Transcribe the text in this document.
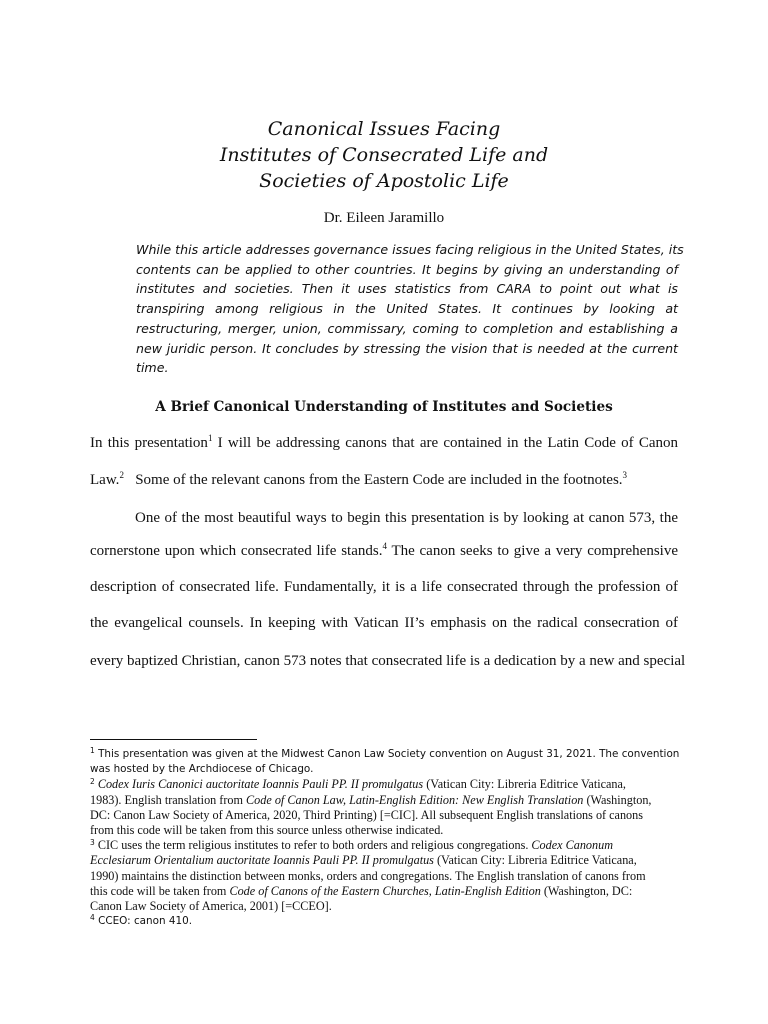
Canonical Issues Facing
Institutes of Consecrated Life and
Societies of Apostolic Life
Dr. Eileen Jaramillo
While this article addresses governance issues facing religious in the United States, its
contents can be applied to other countries. It begins by giving an understanding of
institutes and societies. Then it uses statistics from CARA to point out what is
transpiring among religious in the United States. It continues by looking at
restructuring, merger, union, commissary, coming to completion and establishing a
new juridic person. It concludes by stressing the vision that is needed at the current
time.
A Brief Canonical Understanding of Institutes and Societies
In this presentation$^1$ I will be addressing canons that are contained in the Latin Code of Canon
Law.$^2$   Some of the relevant canons from the Eastern Code are included in the footnotes.$^3$
One of the most beautiful ways to begin this presentation is by looking at canon 573, the
cornerstone upon which consecrated life stands.$^4$ The canon seeks to give a very comprehensive
description of consecrated life. Fundamentally, it is a life consecrated through the profession of
the evangelical counsels. In keeping with Vatican II’s emphasis on the radical consecration of
every baptized Christian, canon 573 notes that consecrated life is a dedication by a new and special
$^1$ This presentation was given at the Midwest Canon Law Society convention on August 31, 2021. The convention
was hosted by the Archdiocese of Chicago.
$^2$ Codex Iuris Canonici auctoritate Ioannis Pauli PP. II promulgatus (Vatican City: Libreria Editrice Vaticana,
1983). English translation from Code of Canon Law, Latin-English Edition: New English Translation (Washington,
DC: Canon Law Society of America, 2020, Third Printing) [=CIC]. All subsequent English translations of canons
from this code will be taken from this source unless otherwise indicated.
$^3$ CIC uses the term religious institutes to refer to both orders and religious congregations. Codex Canonum
Ecclesiarum Orientalium auctoritate Ioannis Pauli PP. II promulgatus (Vatican City: Libreria Editrice Vaticana,
1990) maintains the distinction between monks, orders and congregations. The English translation of canons from
this code will be taken from Code of Canons of the Eastern Churches, Latin-English Edition (Washington, DC:
Canon Law Society of America, 2001) [=CCEO].
$^4$ CCEO: canon 410.
